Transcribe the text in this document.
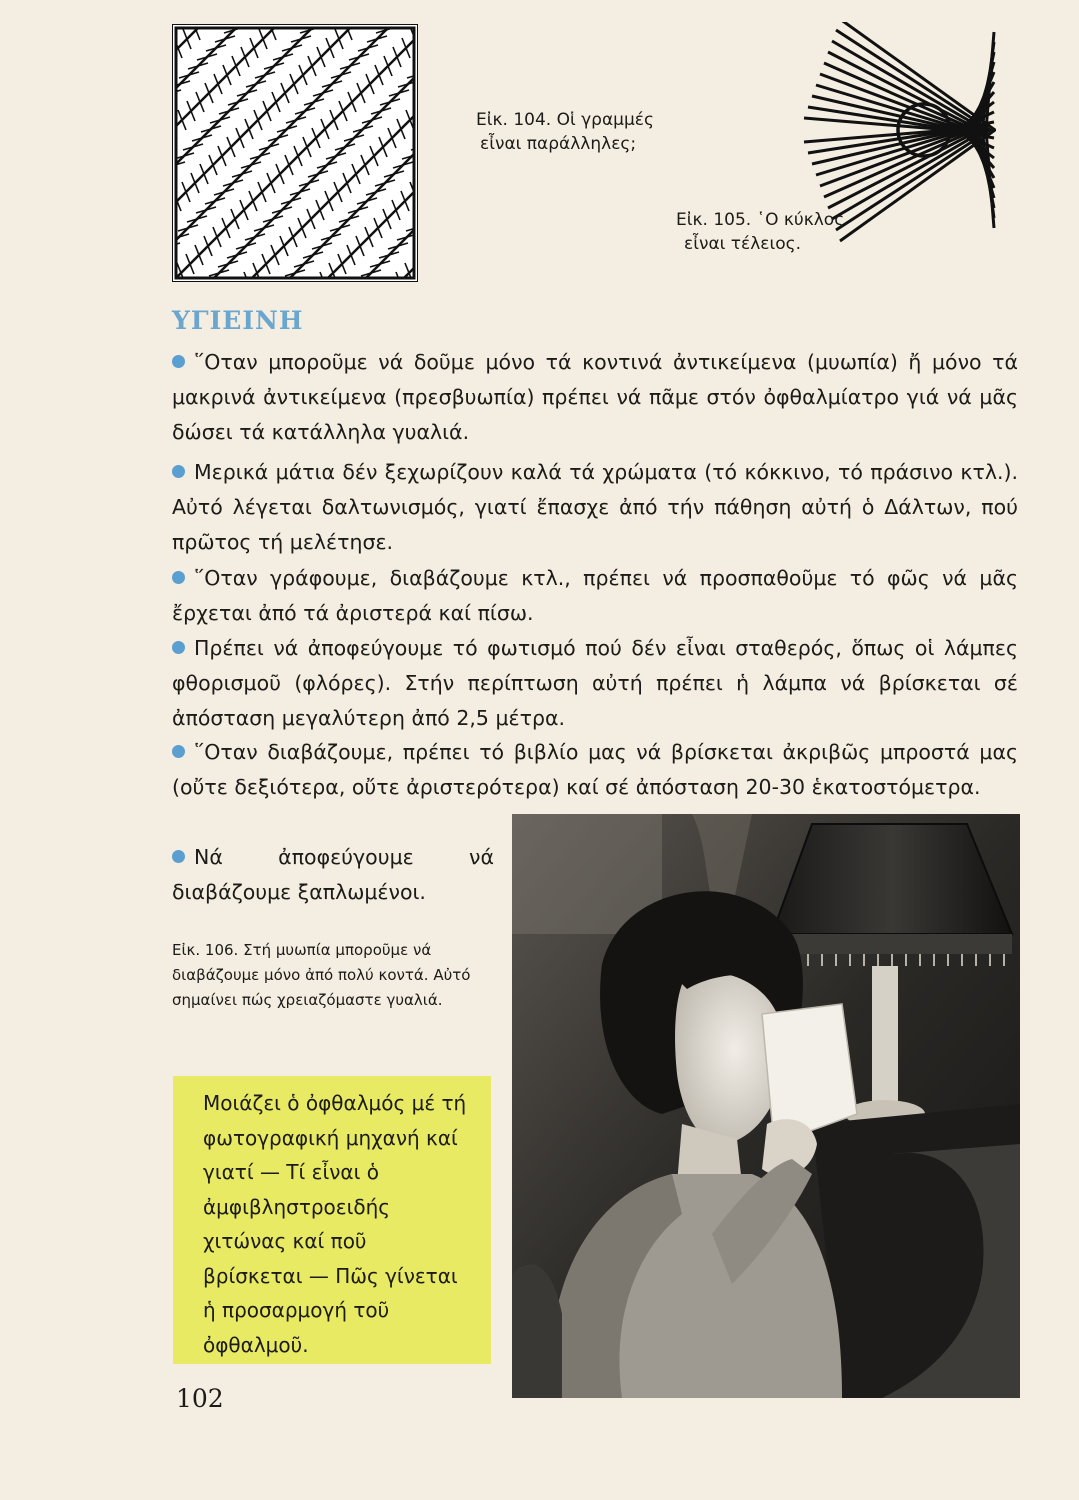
Εἰκ. 104. Οἱ γραμμές
εἶναι παράλληλες;
Εἰκ. 105. ῾Ο κύκλος
εἶναι τέλειος.
ΥΓΙΕΙΝΗ

῞Οταν μποροῦμε νά δοῦμε μόνο τά κοντινά ἀντικείμενα (μυωπία) ἤ μόνο τά μακρινά ἀντικείμενα (πρεσβυωπία) πρέπει νά πᾶμε στόν ὀφθαλμίατρο γιά νά μᾶς δώσει τά κατάλληλα γυαλιά.

Μερικά μάτια δέν ξεχωρίζουν καλά τά χρώματα (τό κόκκινο, τό πράσινο κτλ.). Αὐτό λέγεται δαλτωνισμός, γιατί ἔπασχε ἀπό τήν πάθηση αὐτή ὁ Δάλτων, πού πρῶτος τή μελέτησε.

῞Οταν γράφουμε, διαβάζουμε κτλ., πρέπει νά προσπαθοῦμε τό φῶς νά μᾶς ἔρχεται ἀπό τά ἀριστερά καί πίσω.

Πρέπει νά ἀποφεύγουμε τό φωτισμό πού δέν εἶναι σταθερός, ὅπως οἱ λάμπες φθορισμοῦ (φλόρες). Στήν περίπτωση αὐτή πρέπει ἡ λάμπα νά βρίσκεται σέ ἀπόσταση μεγαλύτερη ἀπό 2,5 μέτρα.

῞Οταν διαβάζουμε, πρέπει τό βιβλίο μας νά βρίσκεται ἀκριβῶς μπροστά μας (οὔτε δεξιότερα, οὔτε ἀριστερότερα) καί σέ ἀπόσταση 20-30 ἑκατοστόμετρα.

Νά ἀποφεύγουμε νά διαβάζουμε ξαπλωμένοι.

Εἰκ. 106. Στή μυωπία μποροῦμε νά διαβάζουμε μόνο ἀπό πολύ κοντά. Αὐτό σημαίνει πώς χρειαζόμαστε γυαλιά.

Μοιάζει ὁ ὀφθαλμός μέ τή φωτογραφική μηχανή καί γιατί — Τί εἶναι ὁ ἀμφιβληστροειδής χιτώνας καί ποῦ βρίσκεται — Πῶς γίνεται ἡ προσαρμογή τοῦ ὀφθαλμοῦ.

102
